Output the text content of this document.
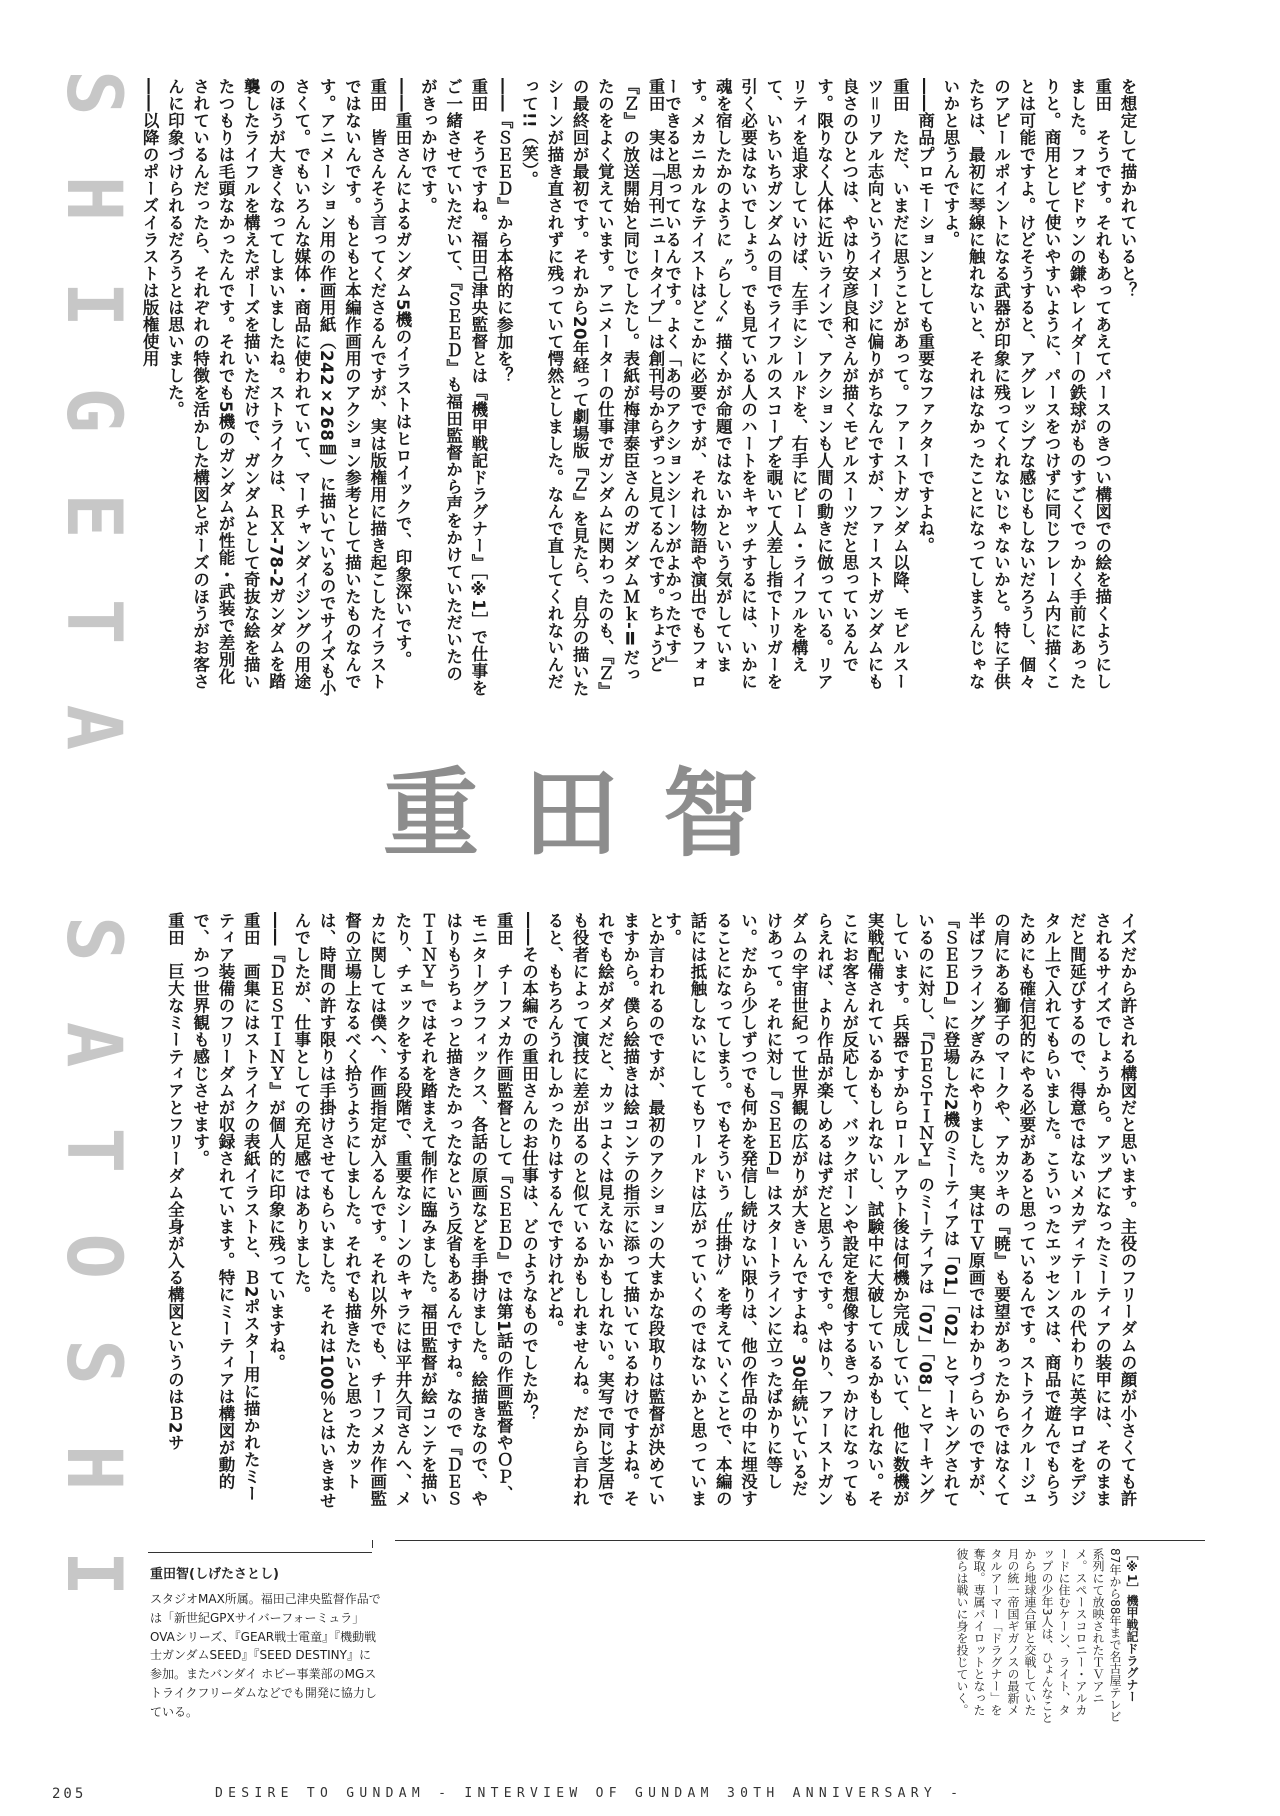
SHIGETA SATOSHI	を想定して描かれていると？
重田　そうです。それもあってあえてパースのきつい構図での絵を描くようにしました。フォビドゥンの鎌やレイダーの鉄球がものすごくでっかく手前にあったりと。商用として使いやすいように、パースをつけずに同じフレーム内に描くことは可能ですよ。けどそうすると、アグレッシブな感じもしないだろうし、個々のアピールポイントになる武器が印象に残ってくれないじゃないかと。特に子供たちは、最初に琴線に触れないと、それはなかったことになってしまうんじゃないかと思うんですよ。
――商品プロモーションとしても重要なファクターですよね。
重田　ただ、いまだに思うことがあって。ファーストガンダム以降、モビルスーツ＝リアル志向というイメージに偏りがちなんですが、ファーストガンダムにも良さのひとつは、やはり安彦良和さんが描くモビルスーツだと思っているんです。限りなく人体に近いラインで、アクションも人間の動きに倣っている。リアリティを追求していけば、左手にシールドを、右手にビーム・ライフルを構えて、いちいちガンダムの目でライフルのスコープを覗いて人差し指でトリガーを引く必要はないでしょう。でも見ている人のハートをキャッチするには、いかに魂を宿したかのように〝らしく〟描くかが命題ではないかという気がしています。メカニカルなテイストはどこかに必要ですが、それは物語や演出でもフォローできると思っているんです。よく「あのアクションシーンがよかったです」
重田　実は「月刊ニュータイプ」は創刊号からずっと見てるんです。ちょうど『Ｚ』の放送開始と同じでしたし。表紙が梅津泰臣さんのガンダムＭｋ-Ⅱだったのをよく覚えています。アニメーターの仕事でガンダムに関わったのも、『Ｚ』の最終回が最初です。それから20年経って劇場版『Ｚ』を見たら、自分の描いたシーンが描き直されずに残っていて愕然としました。なんで直してくれないんだって!!（笑）。
――『ＳＥＥＤ』から本格的に参加を？
重田　そうですね。福田己津央監督とは『機甲戦記ドラグナー』［※1］で仕事をご一緒させていただいて、『ＳＥＥＤ』も福田監督から声をかけていただいたのがきっかけです。
――重田さんによるガンダム5機のイラストはヒロイックで、印象深いです。
重田　皆さんそう言ってくださるんですが、実は版権用に描き起こしたイラストではないんです。もともと本編作画用のアクション参考として描いたものなんです。アニメーション用の作画用紙（242×268㎜）に描いているのでサイズも小さくて。でもいろんな媒体・商品に使われていて、マーチャンダイジングの用途のほうが大きくなってしまいましたね。ストライクは、ＲＸ-78-2ガンダムを踏襲したライフルを構えたポーズを描いただけで、ガンダムとして奇抜な絵を描いたつもりは毛頭なかったんです。それでも5機のガンダムが性能・武装で差別化されているんだったら、それぞれの特徴を活かした構図とポーズのほうがお客さんに印象づけられるだろうとは思いました。
――以降のポーズイラストは版権使用
重田智
イズだから許される構図だと思います。主役のフリーダムの顔が小さくても許されるサイズでしょうから。アップになったミーティアの装甲には、そのままだと間延びするので、得意ではないメカディテールの代わりに英字ロゴをデジタル上で入れてもらいました。こういったエッセンスは、商品で遊んでもらうためにも確信犯的にやる必要があると思っているんです。ストライクルージュの肩にある獅子のマークや、アカツキの『暁』も要望があったからではなくて半ばフライングぎみにやりました。実はＴＶ原画ではわかりづらいのですが、『ＳＥＥＤ』に登場した2機のミーティアは「01」「02」とマーキングされているのに対し、『ＤＥＳＴＩＮＹ』のミーティアは「07」「08」とマーキングしています。兵器ですからロールアウト後は何機か完成していて、他に数機が実戦配備されているかもしれないし、試験中に大破しているかもしれない。そこにお客さんが反応して、バックボーンや設定を想像するきっかけになってもらえれば、より作品が楽しめるはずだと思うんです。やはり、ファーストガンダムの宇宙世紀って世界観の広がりが大きいんですよね。30年続いているだけあって。それに対し『ＳＥＥＤ』はスタートラインに立ったばかりに等しい。だから少しずつでも何かを発信し続けない限りは、他の作品の中に埋没することになってしまう。でもそういう〝仕掛け〟を考えていくことで、本編の話には抵触しないにしてもワールドは広がっていくのではないかと思っています。
とか言われるのですが、最初のアクションの大まかな段取りは監督が決めていますから。僕ら絵描きは絵コンテの指示に添って描いているわけですよね。それでも絵がダメだと、カッコよくは見えないかもしれない。実写で同じ芝居でも役者によって演技に差が出るのと似ているかもしれませんね。だから言われると、もちろんうれしかったりはするんですけれどね。
――その本編での重田さんのお仕事は、どのようなものでしたか？
重田　チーフメカ作画監督として『ＳＥＥＤ』では第1話の作画監督やＯＰ、モニターグラフィックス、各話の原画などを手掛けました。絵描きなので、やはりもうちょっと描きたかったなという反省もあるんですね。なので『ＤＥＳＴＩＮＹ』ではそれを踏まえて制作に臨みました。福田監督が絵コンテを描いたり、チェックをする段階で、重要なシーンのキャラには平井久司さんへ、メカに関しては僕へ、作画指定が入るんです。それ以外でも、チーフメカ作画監督の立場上なるべく拾うようにしました。それでも描きたいと思ったカットは、時間の許す限りは手掛けさせてもらいました。それは100％とはいきませんでしたが、仕事としての充足感ではありました。
――『ＤＥＳＴＩＮＹ』が個人的に印象に残っていますね。
重田　画集にはストライクの表紙イラストと、Ｂ2ポスター用に描かれたミーティア装備のフリーダムが収録されています。特にミーティアは構図が動的で、かつ世界観も感じさせます。
重田　巨大なミーティアとフリーダム全身が入る構図というのはＢ2サ
重田智(しげたさとし)
スタジオMAX所属。福田己津央監督作品では「新世紀GPXサイバーフォーミュラ」OVAシリーズ、『GEAR戦士電童』『機動戦士ガンダムSEED』『SEED DESTINY』に参加。またバンダイ ホビー事業部のMGストライクフリーダムなどでも開発に協力している。
［※1］機甲戦記ドラグナー
87年から88年まで名古屋テレビ系列にて放映されたＴＶアニメ。スペースコロニー・アルカードに住むケーン、ライト、タップの少年3人は、ひょんなことから地球連合軍と交戦していた月の統一帝国ギガノスの最新メタルアーマー「ドラグナー」を奪取。専属パイロットとなった彼らは戦いに身を投じていく。
205	DESIRE TO GUNDAM - INTERVIEW OF GUNDAM 30TH ANNIVERSARY -
